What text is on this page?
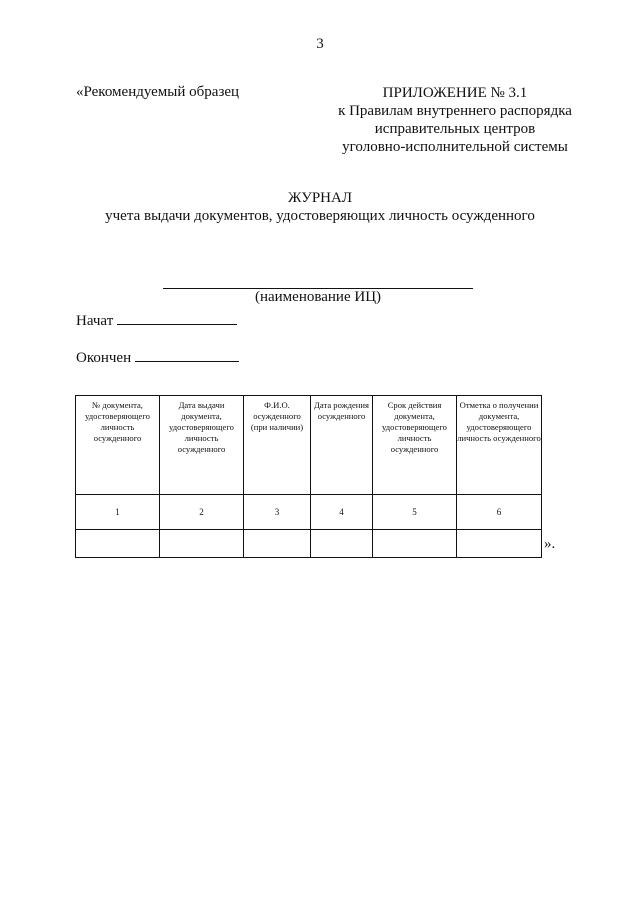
3
«Рекомендуемый образец	ПРИЛОЖЕНИЕ № 3.1
к Правилам внутреннего распорядка
исправительных центров
уголовно-исполнительной системы
ЖУРНАЛ
учета выдачи документов, удостоверяющих личность осужденного
(наименование ИЦ)
Начат
Окончен
№ документа, удостоверяющего личность осужденного	Дата выдачи документа, удостоверяющего личность осужденного	Ф.И.О. осужденного (при наличии)	Дата рождения осужденного	Срок действия документа, удостоверяющего личность осужденного	Отметка о получении документа, удостоверяющего личность осужденного
1	2	3	4	5	6

».
